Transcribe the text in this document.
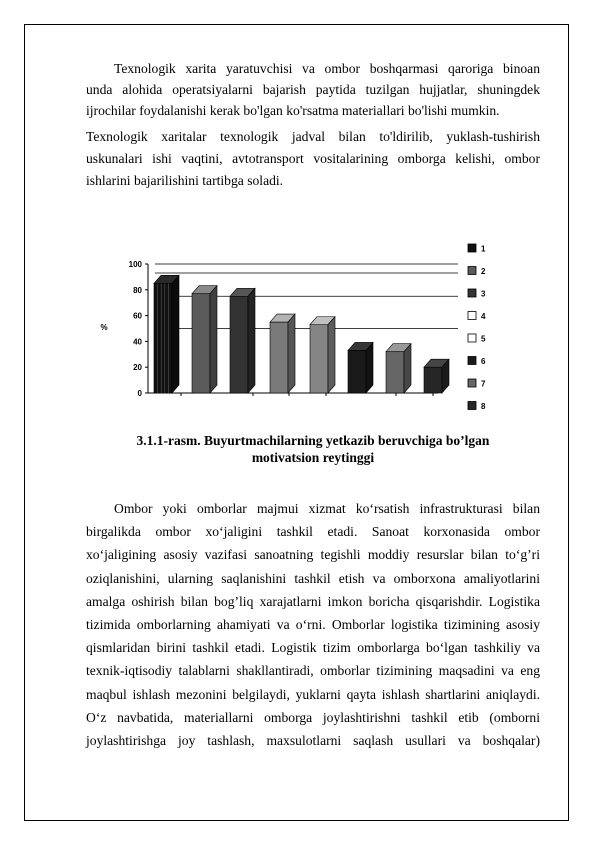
Texnologik xarita yaratuvchisi va ombor boshqarmasi qaroriga binoan

unda alohida operatsiyalarni bajarish paytida tuzilgan hujjatlar, shuningdek

ijrochilar foydalanishi kerak bo'lgan ko'rsatma materiallari bo'lishi mumkin.

Texnologik xaritalar texnologik jadval bilan to'ldirilib, yuklash-tushirish

uskunalari ishi vaqtini, avtotransport vositalarining omborga kelishi, ombor

ishlarini bajarilishini tartibga soladi.

0
20
40
60
80
100
%
1
2
3
4
5
6
7
8
3.1.1-rasm. Buyurtmachilarning yetkazib beruvchiga bo’lgan
motivatsion reytinggi

Ombor yoki omborlar majmui xizmat ko‘rsatish infrastrukturasi bilan

birgalikda ombor xo‘jaligini tashkil etadi. Sanoat korxonasida ombor

xo‘jaligining asosiy vazifasi sanoatning tegishli moddiy resurslar bilan to‘g’ri

oziqlanishini, ularning saqlanishini tashkil etish va omborxona amaliyotlarini

amalga oshirish bilan bog’liq xarajatlarni imkon boricha qisqarishdir. Logistika

tizimida omborlarning ahamiyati va o‘rni. Omborlar logistika tizimining asosiy

qismlaridan birini tashkil etadi. Logistik tizim omborlarga bo‘lgan tashkiliy va

texnik-iqtisodiy talablarni shakllantiradi, omborlar tizimining maqsadini va eng

maqbul ishlash mezonini belgilaydi, yuklarni qayta ishlash shartlarini aniqlaydi.

O‘z navbatida, materiallarni omborga joylashtirishni tashkil etib (omborni

joylashtirishga joy tashlash, maxsulotlarni saqlash usullari va boshqalar)
